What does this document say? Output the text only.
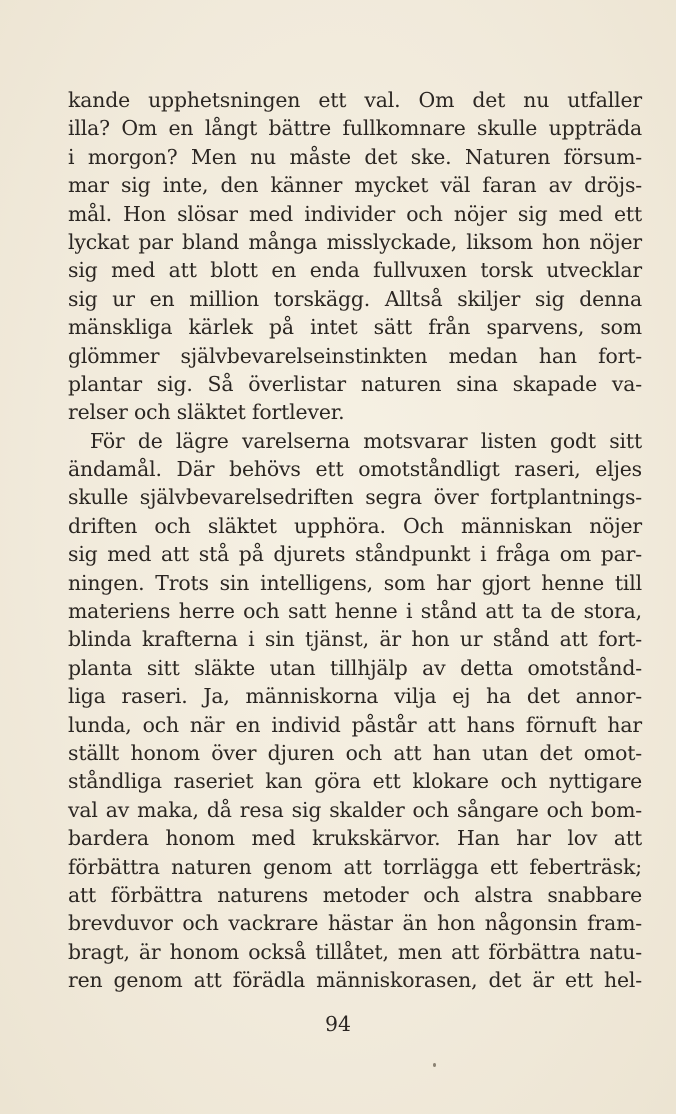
kande upphetsningen ett val. Om det nu utfaller
illa? Om en långt bättre fullkomnare skulle uppträda
i morgon? Men nu måste det ske. Naturen försum-
mar sig inte, den känner mycket väl faran av dröjs-
mål. Hon slösar med individer och nöjer sig med ett
lyckat par bland många misslyckade, liksom hon nöjer
sig med att blott en enda fullvuxen torsk utvecklar
sig ur en million torskägg. Alltså skiljer sig denna
mänskliga kärlek på intet sätt från sparvens, som
glömmer självbevarelseinstinkten medan han fort-
plantar sig. Så överlistar naturen sina skapade va-
relser och släktet fortlever.
För de lägre varelserna motsvarar listen godt sitt
ändamål. Där behövs ett omotståndligt raseri, eljes
skulle självbevarelsedriften segra över fortplantnings-
driften och släktet upphöra. Och människan nöjer
sig med att stå på djurets ståndpunkt i fråga om par-
ningen. Trots sin intelligens, som har gjort henne till
materiens herre och satt henne i stånd att ta de stora,
blinda krafterna i sin tjänst, är hon ur stånd att fort-
planta sitt släkte utan tillhjälp av detta omotstånd-
liga raseri. Ja, människorna vilja ej ha det annor-
lunda, och när en individ påstår att hans förnuft har
ställt honom över djuren och att han utan det omot-
ståndliga raseriet kan göra ett klokare och nyttigare
val av maka, då resa sig skalder och sångare och bom-
bardera honom med krukskärvor. Han har lov att
förbättra naturen genom att torrlägga ett feberträsk;
att förbättra naturens metoder och alstra snabbare
brevduvor och vackrare hästar än hon någonsin fram-
bragt, är honom också tillåtet, men att förbättra natu-
ren genom att förädla människorasen, det är ett hel-
94
